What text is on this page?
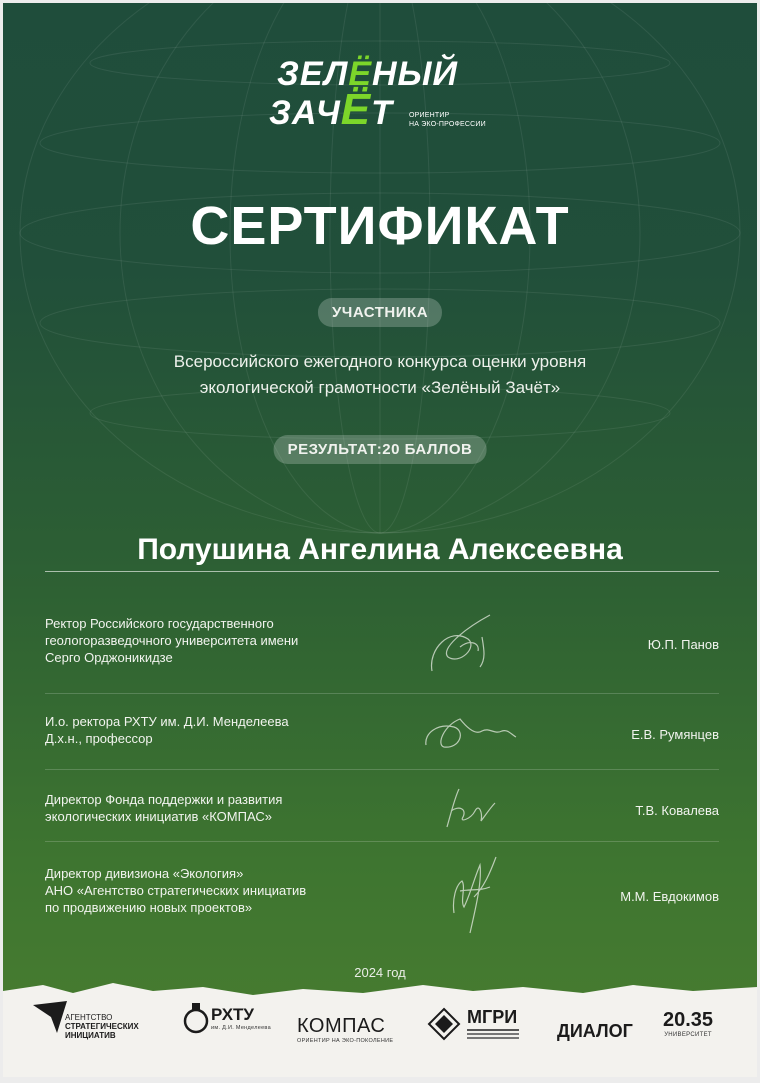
ЗЕЛЁНЫЙ
ЗАЧЁТ ОРИЕНТИР
НА ЭКО-ПРОФЕССИИ
СЕРТИФИКАТ
УЧАСТНИКА
Всероссийского ежегодного конкурса оценки уровня
экологической грамотности «Зелёный Зачёт»
РЕЗУЛЬТАТ:20 БАЛЛОВ
Полушина Ангелина Алексеевна
Ректор Российского государственного
геологоразведочного университета имени
Серго Орджоникидзе
Ю.П. Панов
И.о. ректора РХТУ им. Д.И. Менделеева
Д.х.н., профессор	Е.В. Румянцев
Директор Фонда поддержки и развития
экологических инициатив «КОМПАС»	Т.В. Ковалева
Директор дивизиона «Экология»
АНО «Агентство стратегических инициатив
по продвижению новых проектов»
М.М. Евдокимов
2024 год
АГЕНТСТВО
СТРАТЕГИЧЕСКИХ
ИНИЦИАТИВ
РХТУ
им. Д.И. Менделеева КОМПАС
ОРИЕНТИР НА ЭКО-ПОКОЛЕНИЕ
МГРИ
ДИАЛОГ 20.35
УНИВЕРСИТЕТ
